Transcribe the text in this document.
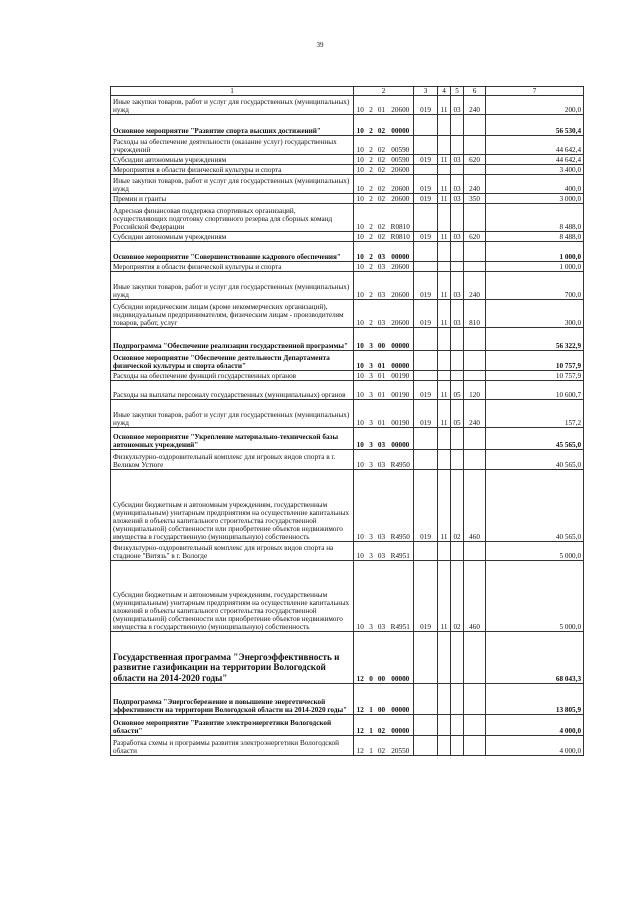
39
1	2				3	4	5	6	7
Иные закупки товаров, работ и услуг для государственных (муниципальных) нужд	10	2	01	20600	019	11	03	240	200,0
Основное мероприятие "Развитие спорта высших достижений"	10	2	02	00000					56 530,4
Расходы на обеспечение деятельности (оказание услуг) государственных учреждений	10	2	02	00590					44 642,4
Субсидии автономным учреждениям	10	2	02	00590	019	11	03	620	44 642,4
Мероприятия в области физической культуры и спорта	10	2	02	20600					3 400,0
Иные закупки товаров, работ и услуг для государственных (муниципальных) нужд	10	2	02	20600	019	11	03	240	400,0
Премии и гранты	10	2	02	20600	019	11	03	350	3 000,0
Адресная финансовая поддержка спортивных организаций, осуществляющих подготовку спортивного резерва для сборных команд Российской Федерации	10	2	02	R0810					8 488,0
Субсидии автономным учреждениям	10	2	02	R0810	019	11	03	620	8 488,0
Основное мероприятие "Совершенствование кадрового обеспечения"	10	2	03	00000					1 000,0
Мероприятия в области физической культуры и спорта	10	2	03	20600					1 000,0
Иные закупки товаров, работ и услуг для государственных (муниципальных) нужд	10	2	03	20600	019	11	03	240	700,0
Субсидии юридическим лицам (кроме некоммерческих организаций), индивидуальным предпринимателям, физическим лицам - производителям товаров, работ, услуг	10	2	03	20600	019	11	03	810	300,0
Подпрограмма "Обеспечение реализации государственной программы"	10	3	00	00000					56 322,9
Основное мероприятие "Обеспечение деятельности Департамента физической культуры и спорта области"	10	3	01	00000					10 757,9
Расходы на обеспечение функций государственных органов	10	3	01	00190					10 757,9
Расходы на выплаты персоналу государственных (муниципальных) органов	10	3	01	00190	019	11	05	120	10 600,7
Иные закупки товаров, работ и услуг для государственных (муниципальных) нужд	10	3	01	00190	019	11	05	240	157,2
Основное мероприятие "Укрепление материально-технической базы автономных учреждений"	10	3	03	00000					45 565,0
Физкультурно-оздоровительный комплекс для игровых видов спорта в г. Великом Устюге	10	3	03	R4950					40 565,0
Субсидии бюджетным и автономным учреждениям, государственным (муниципальным) унитарным предприятиям на осуществление капитальных вложений в объекты капитального строительства государственной (муниципальной) собственности или приобретение объектов недвижимого имущества в государственную (муниципальную) собственность	10	3	03	R4950	019	11	02	460	40 565,0
Физкультурно-оздоровительный комплекс для игровых видов спорта на стадионе "Витязь" в г. Вологде	10	3	03	R4951					5 000,0
Субсидии бюджетным и автономным учреждениям, государственным (муниципальным) унитарным предприятиям на осуществление капитальных вложений в объекты капитального строительства государственной (муниципальной) собственности или приобретение объектов недвижимого имущества в государственную (муниципальную) собственность	10	3	03	R4951	019	11	02	460	5 000,0
Государственная программа "Энергоэффективность и развитие газификации на территории Вологодской области на 2014-2020 годы"	12	0	00	00000					68 043,3
Подпрограмма "Энергосбережение и повышение энергетической эффективности на территории Вологодской области на 2014-2020 годы"	12	1	00	00000					13 805,9
Основное мероприятие "Развитие электроэнергетики Вологодской области"	12	1	02	00000					4 000,0
Разработка схемы и программы развития электроэнергетики Вологодской области	12	1	02	20550					4 000,0
